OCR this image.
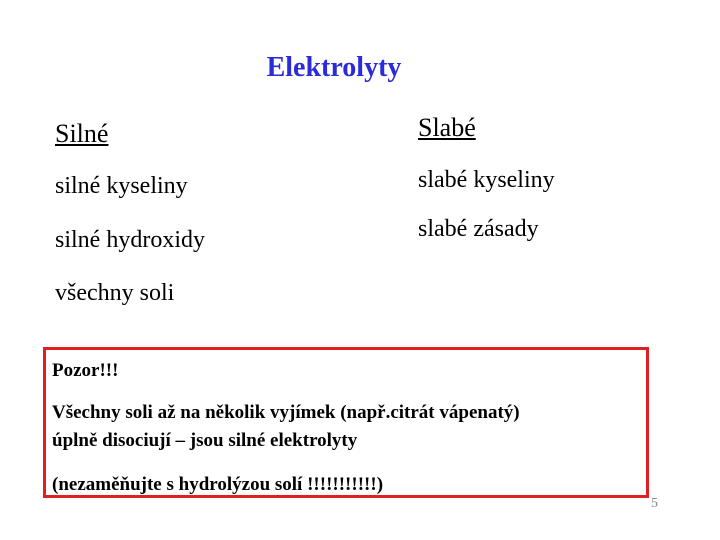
Elektrolyty
Silné	Slabé
silné kyseliny
silné hydroxidy
všechny soli
slabé kyseliny
slabé zásady
Pozor!!!
Všechny soli až na několik vyjímek (např.citrát vápenatý)
úplně disociují – jsou silné elektrolyty
(nezaměňujte s hydrolýzou solí !!!!!!!!!!!)
5
